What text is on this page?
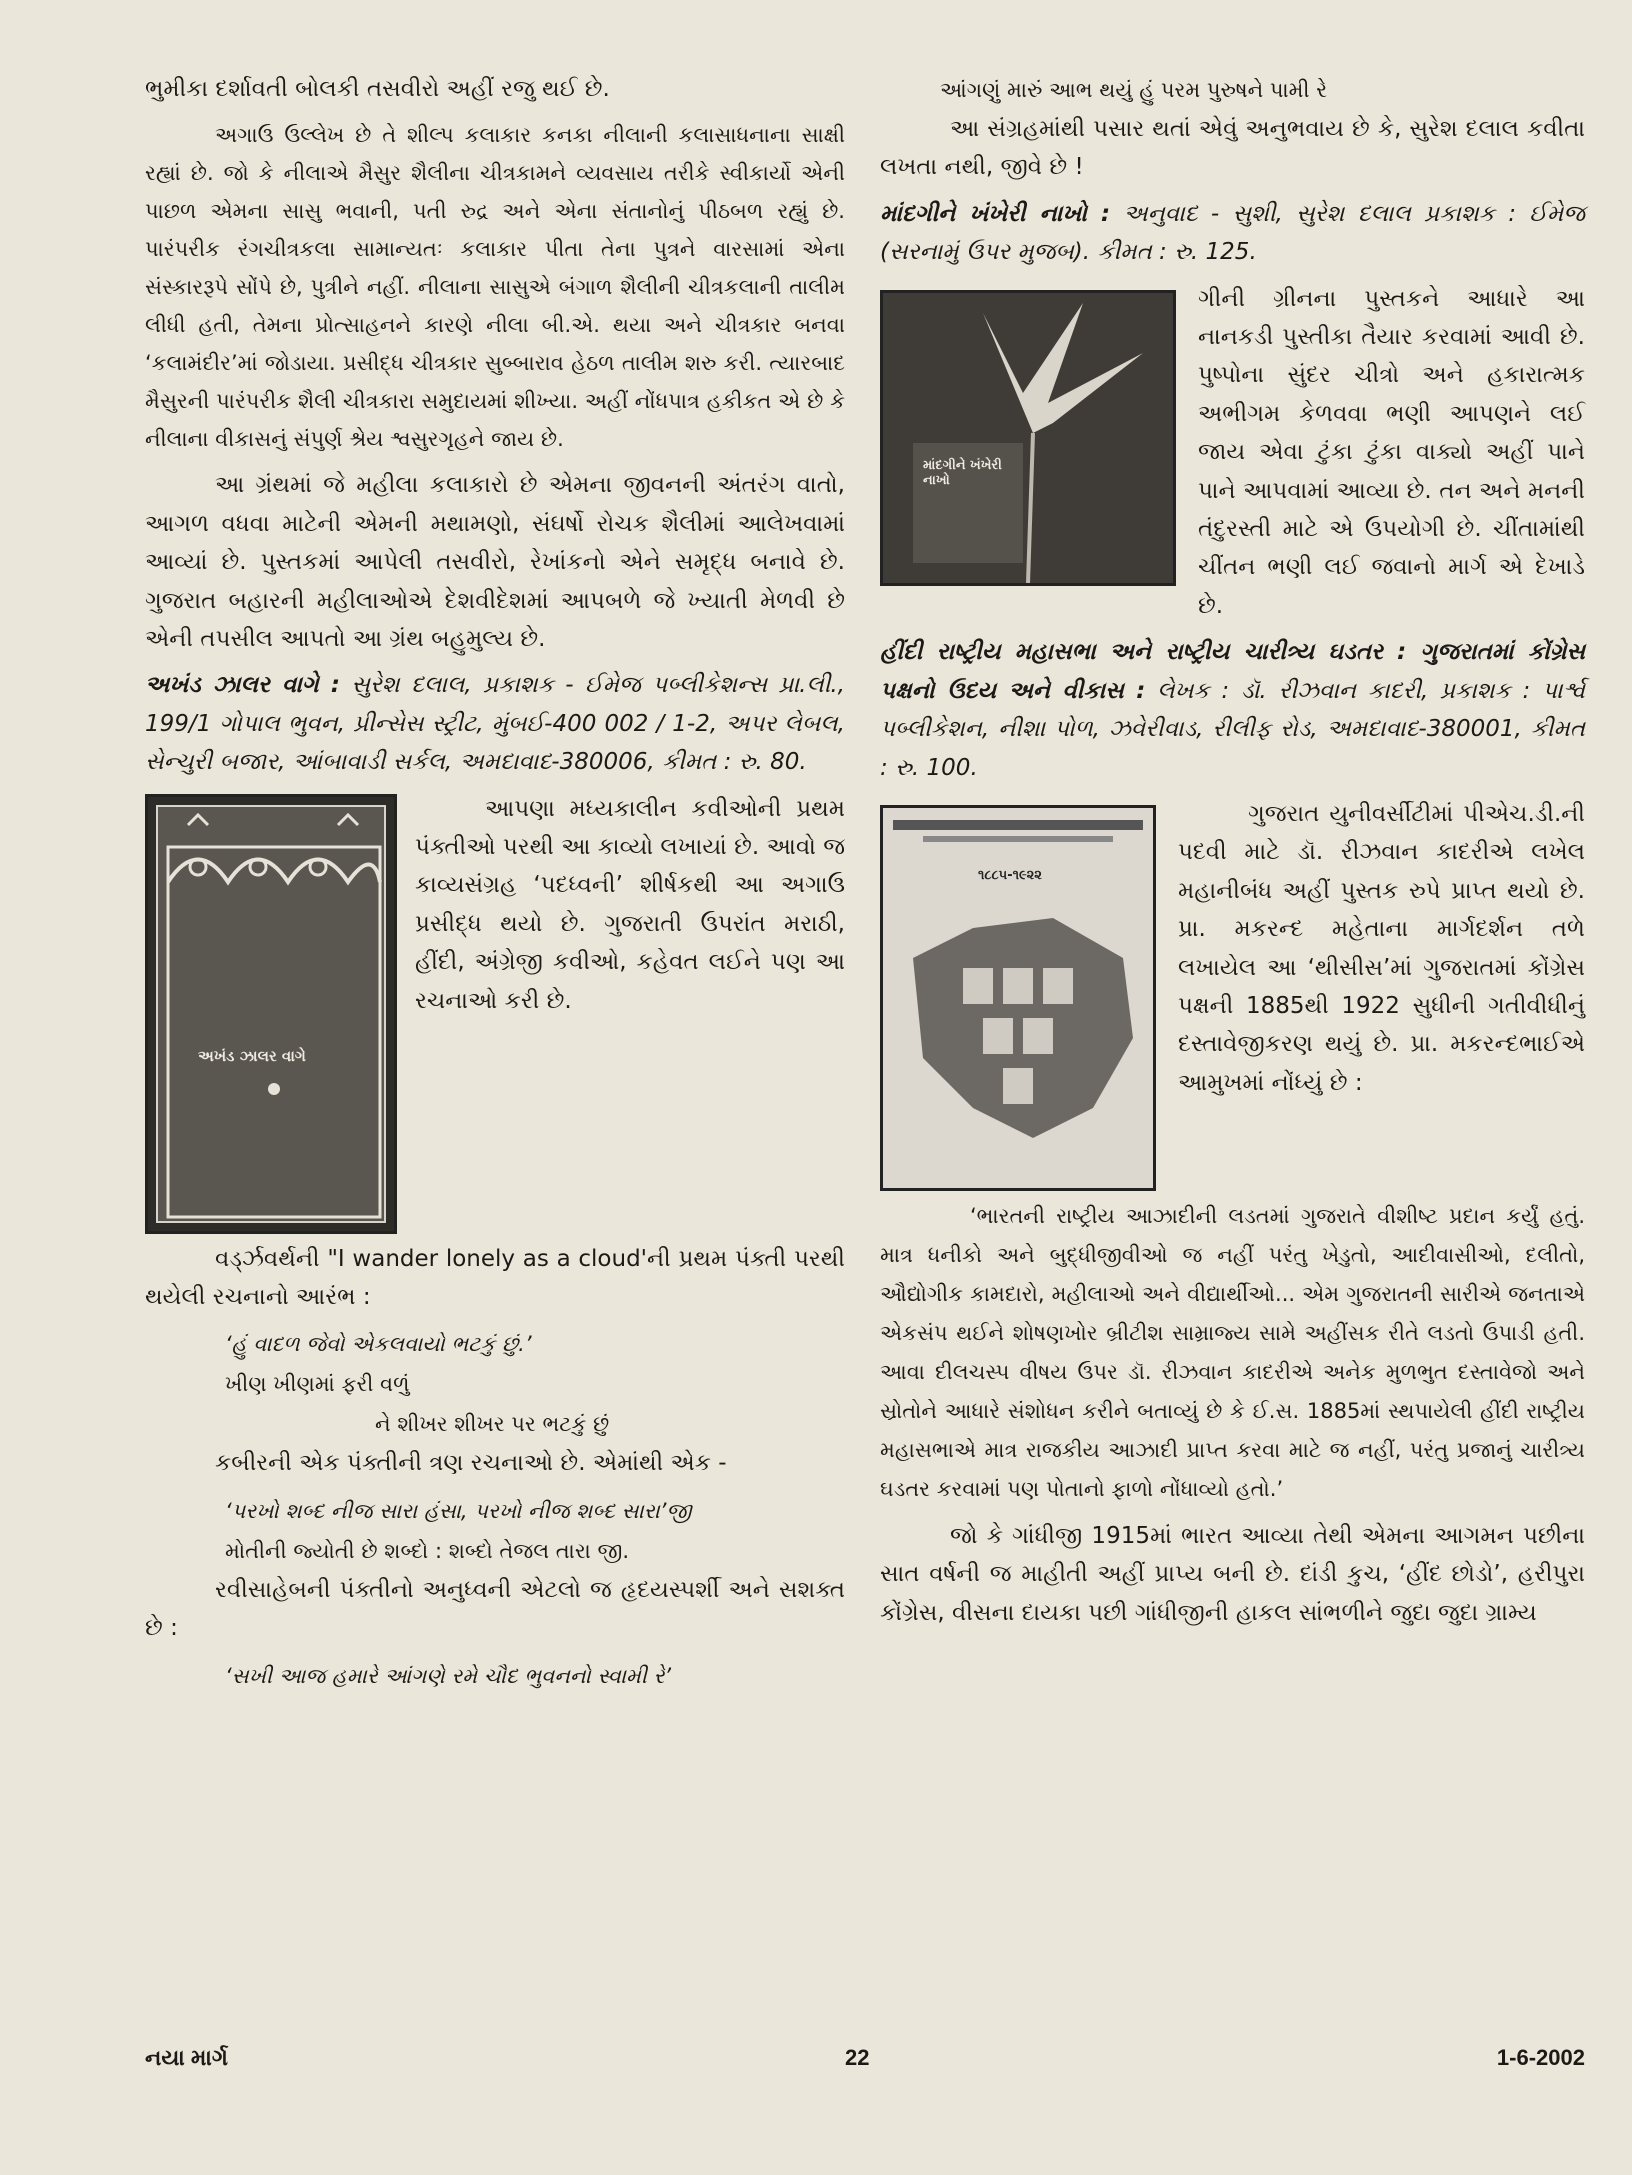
ભુમીકા દર્શાવતી બોલકી તસવીરો અહીં રજુ થઈ છે.

અગાઉ ઉલ્લેખ છે તે શીલ્પ કલાકાર કનકા નીલાની કલાસાધનાના સાક્ષી રહ્યાં છે. જો કે નીલાએ મૈસુર શૈલીના ચીત્રકામને વ્યવસાય તરીકે સ્વીકાર્યો એની પાછળ એમના સાસુ ભવાની, પતી રુદ્ર અને એના સંતાનોનું પીઠબળ રહ્યું છે. પારંપરીક રંગચીત્રકલા સામાન્યતઃ કલાકાર પીતા તેના પુત્રને વારસામાં એના સંસ્કારરૂપે સોંપે છે, પુત્રીને નહીં. નીલાના સાસુએ બંગાળ શૈલીની ચીત્રકલાની તાલીમ લીધી હતી, તેમના પ્રોત્સાહનને કારણે નીલા બી.એ. થયા અને ચીત્રકાર બનવા ‘કલામંદીર’માં જોડાયા. પ્રસીદ્ધ ચીત્રકાર સુબ્બારાવ હેઠળ તાલીમ શરુ કરી. ત્યારબાદ મૈસુરની પારંપરીક શૈલી ચીત્રકારા સમુદાયમાં શીખ્યા. અહીં નોંધપાત્ર હકીકત એ છે કે નીલાના વીકાસનું સંપુર્ણ શ્રેય શ્વસુરગૃહને જાય છે.

આ ગ્રંથમાં જે મહીલા કલાકારો છે એમના જીવનની અંતરંગ વાતો, આગળ વધવા માટેની એમની મથામણો, સંઘર્ષો રોચક શૈલીમાં આલેખવામાં આવ્યાં છે. પુસ્તકમાં આપેલી તસવીરો, રેખાંકનો એને સમૃદ્ધ બનાવે છે. ગુજરાત બહારની મહીલાઓએ દેશવીદેશમાં આપબળે જે ખ્યાતી મેળવી છે એની તપસીલ આપતો આ ગ્રંથ બહુમુલ્ય છે.

અખંડ ઝાલર વાગે : સુરેશ દલાલ, પ્રકાશક - ઈમેજ પબ્લીકેશન્સ પ્રા.લી., 199/1 ગોપાલ ભુવન, પ્રીન્સેસ સ્ટ્રીટ, મુંબઈ-400 002 / 1-2, અપર લેબલ, સેન્ચુરી બજાર, આંબાવાડી સર્કલ, અમદાવાદ-380006, કીમત : રુ. 80.

અખંડ ઝાલર વાગે

આપણા મધ્યકાલીન કવીઓની પ્રથમ પંક્તીઓ પરથી આ કાવ્યો લખાયાં છે. આવો જ કાવ્યસંગ્રહ ‘પદધ્વની’ શીર્ષકથી આ અગાઉ પ્રસીદ્ધ થયો છે. ગુજરાતી ઉપરાંત મરાઠી, હીંદી, અંગ્રેજી કવીઓ, કહેવત લઈને પણ આ રચનાઓ કરી છે.

વર્ડ્ઝવર્થની "I wander lonely as a cloud'ની પ્રથમ પંક્તી પરથી થયેલી રચનાનો આરંભ :

‘હું વાદળ જેવો એકલવાયો ભટકું છું.’
ખીણ ખીણમાં ફરી વળું
ને શીખર શીખર પર ભટકું છું

કબીરની એક પંક્તીની ત્રણ રચનાઓ છે. એમાંથી એક -

‘પરખો શબ્દ નીજ સારા હંસા, પરખો નીજ શબ્દ સારા’જી
મોતીની જ્યોતી છે શબ્દો : શબ્દો તેજલ તારા જી.

રવીસાહેબની પંક્તીનો અનુધ્વની એટલો જ હૃદયસ્પર્શી અને સશક્ત છે :

‘સખી આજ હમારે આંગણે રમે ચૌદ ભુવનનો સ્વામી રે’
આંગણું મારું આભ થયું હું પરમ પુરુષને પામી રે

આ સંગ્રહમાંથી પસાર થતાં એવું અનુભવાય છે કે, સુરેશ દલાલ કવીતા લખતા નથી, જીવે છે !

માંદગીને ખંખેરી નાખો : અનુવાદ - સુશી, સુરેશ દલાલ પ્રકાશક : ઈમેજ (સરનામું ઉપર મુજબ). કીમત : રુ. 125.

માંદગીને ખંખેરી નાખો

ગીની ગ્રીનના પુસ્તકને આધારે આ નાનકડી પુસ્તીકા તૈયાર કરવામાં આવી છે. પુષ્પોના સુંદર ચીત્રો અને હકારાત્મક અભીગમ કેળવવા ભણી આપણને લઈ જાય એવા ટુંકા ટુંકા વાક્યો અહીં પાને પાને આપવામાં આવ્યા છે. તન અને મનની તંદુરસ્તી માટે એ ઉપયોગી છે. ચીંતામાંથી ચીંતન ભણી લઈ જવાનો માર્ગ એ દેખાડે છે.

હીંદી રાષ્ટ્રીય મહાસભા અને રાષ્ટ્રીય ચારીત્ર્ય ઘડતર : ગુજરાતમાં કોંગ્રેસ પક્ષનો ઉદય અને વીકાસ : લેખક : ડૉ. રીઝવાન કાદરી, પ્રકાશક : પાર્શ્વ પબ્લીકેશન, નીશા પોળ, ઝવેરીવાડ, રીલીફ રોડ, અમદાવાદ-380001, કીમત : રુ. 100.

૧૮૮૫-૧૯૨૨

ગુજરાત યુનીવર્સીટીમાં પીએચ.ડી.ની પદવી માટે ડૉ. રીઝવાન કાદરીએ લખેલ મહાનીબંધ અહીં પુસ્તક રુપે પ્રાપ્ત થયો છે. પ્રા. મકરન્દ મહેતાના માર્ગદર્શન તળે લખાયેલ આ ‘થીસીસ’માં ગુજરાતમાં કોંગ્રેસ પક્ષની 1885થી 1922 સુધીની ગતીવીધીનું દસ્તાવેજીકરણ થયું છે. પ્રા. મકરન્દભાઈએ આમુખમાં નોંધ્યું છે :

‘ભારતની રાષ્ટ્રીય આઝાદીની લડતમાં ગુજરાતે વીશીષ્ટ પ્રદાન કર્યું હતું. માત્ર ધનીકો અને બુદ્ધીજીવીઓ જ નહીં પરંતુ ખેડુતો, આદીવાસીઓ, દલીતો, ઔદ્યોગીક કામદારો, મહીલાઓ અને વીદ્યાર્થીઓ... એમ ગુજરાતની સારીએ જનતાએ એકસંપ થઈને શોષણખોર બ્રીટીશ સામ્રાજ્ય સામે અહીંસક રીતે લડતો ઉપાડી હતી. આવા દીલચસ્પ વીષય ઉપર ડૉ. રીઝવાન કાદરીએ અનેક મુળભુત દસ્તાવેજો અને સ્રોતોને આધારે સંશોધન કરીને બતાવ્યું છે કે ઈ.સ. 1885માં સ્થપાયેલી હીંદી રાષ્ટ્રીય મહાસભાએ માત્ર રાજકીય આઝાદી પ્રાપ્ત કરવા માટે જ નહીં, પરંતુ પ્રજાનું ચારીત્ર્ય ઘડતર કરવામાં પણ પોતાનો ફાળો નોંધાવ્યો હતો.’

જો કે ગાંધીજી 1915માં ભારત આવ્યા તેથી એમના આગમન પછીના સાત વર્ષની જ માહીતી અહીં પ્રાપ્ય બની છે. દાંડી કુચ, ‘હીંદ છોડો’, હરીપુરા કોંગ્રેસ, વીસના દાયકા પછી ગાંધીજીની હાકલ સાંભળીને જુદા જુદા ગ્રામ્ય

નયા માર્ગ	22	1-6-2002
